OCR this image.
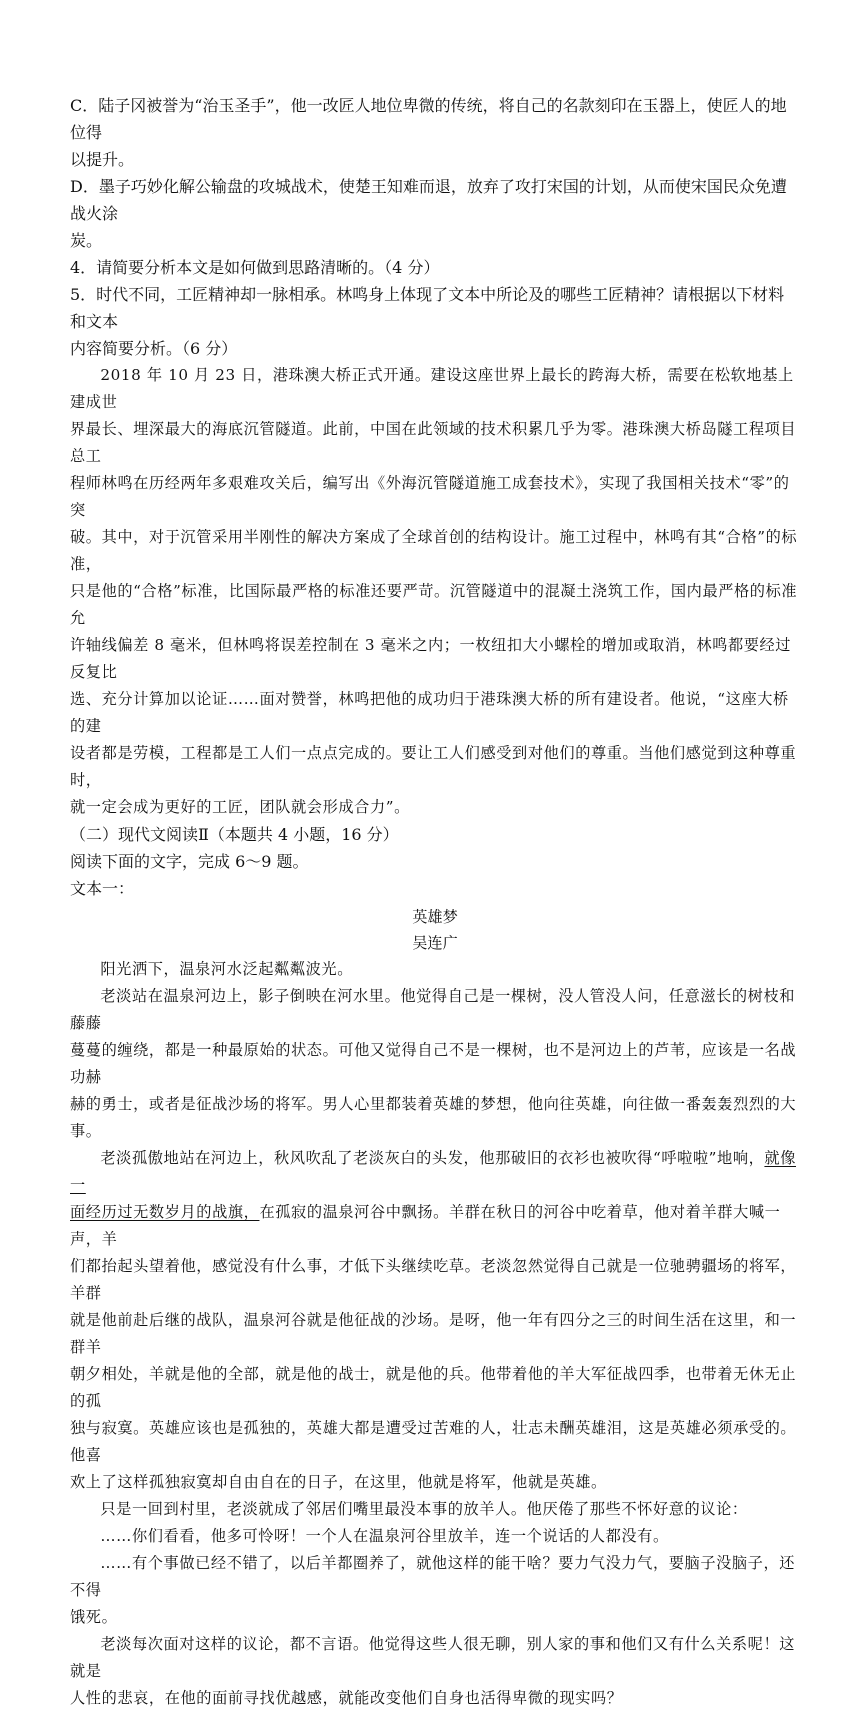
C．陆子冈被誉为“治玉圣手”，他一改匠人地位卑微的传统，将自己的名款刻印在玉器上，使匠人的地位得

以提升。

D．墨子巧妙化解公输盘的攻城战术，使楚王知难而退，放弃了攻打宋国的计划，从而使宋国民众免遭战火涂

炭。

4．请简要分析本文是如何做到思路清晰的。（4 分）

5．时代不同，工匠精神却一脉相承。林鸣身上体现了文本中所论及的哪些工匠精神？请根据以下材料和文本

内容简要分析。（6 分）

2018 年 10 月 23 日，港珠澳大桥正式开通。建设这座世界上最长的跨海大桥，需要在松软地基上建成世

界最长、埋深最大的海底沉管隧道。此前，中国在此领域的技术积累几乎为零。港珠澳大桥岛隧工程项目总工

程师林鸣在历经两年多艰难攻关后，编写出《外海沉管隧道施工成套技术》，实现了我国相关技术“零”的突

破。其中，对于沉管采用半刚性的解决方案成了全球首创的结构设计。施工过程中，林鸣有其“合格”的标准，

只是他的“合格”标准，比国际最严格的标准还要严苛。沉管隧道中的混凝土浇筑工作，国内最严格的标准允

许轴线偏差 8 毫米，但林鸣将误差控制在 3 毫米之内；一枚纽扣大小螺栓的增加或取消，林鸣都要经过反复比

选、充分计算加以论证……面对赞誉，林鸣把他的成功归于港珠澳大桥的所有建设者。他说，“这座大桥的建

设者都是劳模，工程都是工人们一点点完成的。要让工人们感受到对他们的尊重。当他们感觉到这种尊重时，

就一定会成为更好的工匠，团队就会形成合力”。

（二）现代文阅读Ⅱ（本题共 4 小题，16 分）

阅读下面的文字，完成 6～9 题。

文本一：

英雄梦

吴连广

阳光洒下，温泉河水泛起粼粼波光。

老淡站在温泉河边上，影子倒映在河水里。他觉得自己是一棵树，没人管没人问，任意滋长的树枝和藤藤

蔓蔓的缠绕，都是一种最原始的状态。可他又觉得自己不是一棵树，也不是河边上的芦苇，应该是一名战功赫

赫的勇士，或者是征战沙场的将军。男人心里都装着英雄的梦想，他向往英雄，向往做一番轰轰烈烈的大事。

老淡孤傲地站在河边上，秋风吹乱了老淡灰白的头发，他那破旧的衣衫也被吹得“呼啦啦”地响，就像一

面经历过无数岁月的战旗，在孤寂的温泉河谷中飘扬。羊群在秋日的河谷中吃着草，他对着羊群大喊一声，羊

们都抬起头望着他，感觉没有什么事，才低下头继续吃草。老淡忽然觉得自己就是一位驰骋疆场的将军，羊群

就是他前赴后继的战队，温泉河谷就是他征战的沙场。是呀，他一年有四分之三的时间生活在这里，和一群羊

朝夕相处，羊就是他的全部，就是他的战士，就是他的兵。他带着他的羊大军征战四季，也带着无休无止的孤

独与寂寞。英雄应该也是孤独的，英雄大都是遭受过苦难的人，壮志未酬英雄泪，这是英雄必须承受的。他喜

欢上了这样孤独寂寞却自由自在的日子，在这里，他就是将军，他就是英雄。

只是一回到村里，老淡就成了邻居们嘴里最没本事的放羊人。他厌倦了那些不怀好意的议论：

……你们看看，他多可怜呀！一个人在温泉河谷里放羊，连一个说话的人都没有。

……有个事做已经不错了，以后羊都圈养了，就他这样的能干啥？要力气没力气，要脑子没脑子，还不得

饿死。

老淡每次面对这样的议论，都不言语。他觉得这些人很无聊，别人家的事和他们又有什么关系呢！这就是

人性的悲哀，在他的面前寻找优越感，就能改变他们自身也活得卑微的现实吗？
